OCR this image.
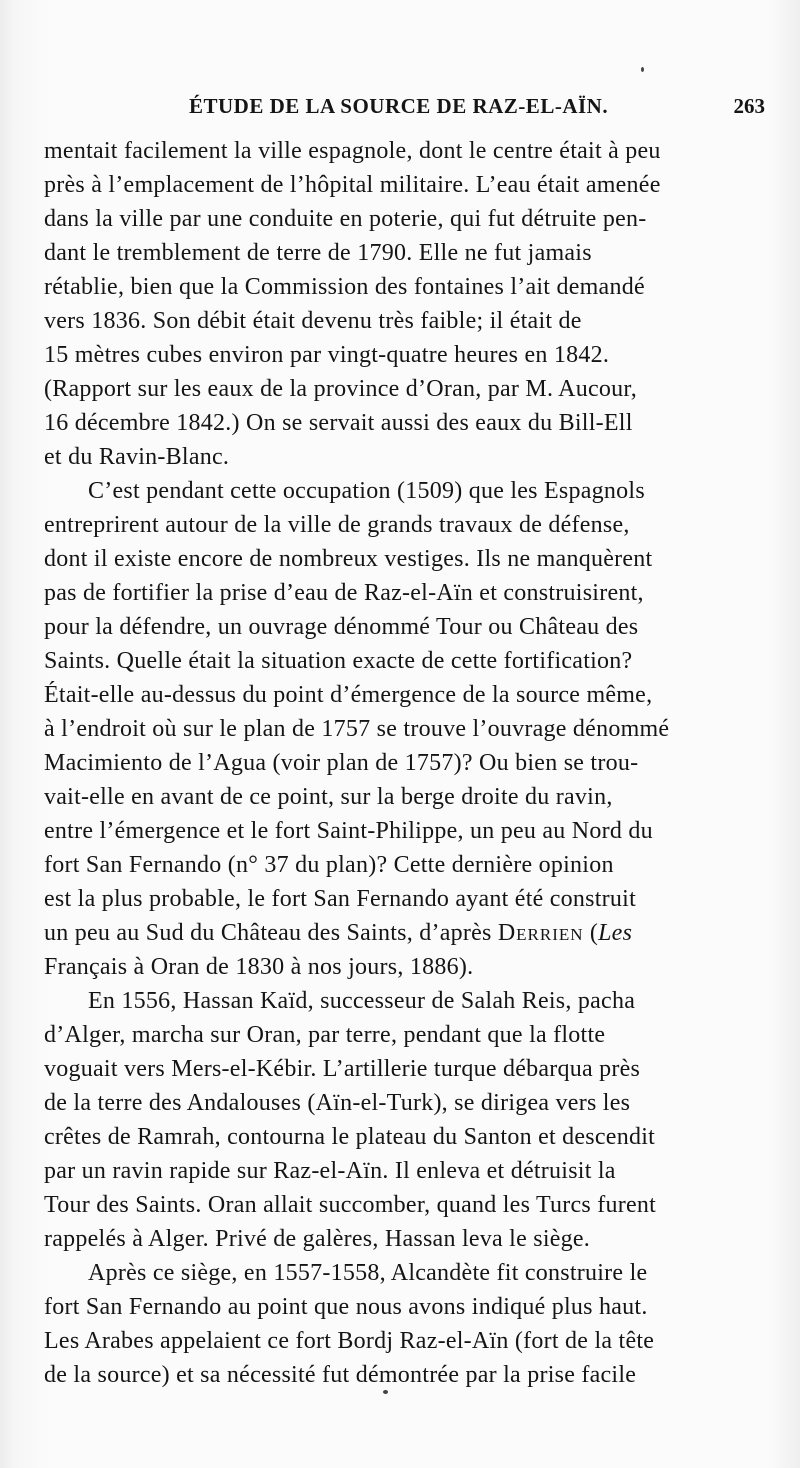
ÉTUDE DE LA SOURCE DE RAZ-EL-AÏN.	263
mentait facilement la ville espagnole, dont le centre était à peu
près à l’emplacement de l’hôpital militaire. L’eau était amenée
dans la ville par une conduite en poterie, qui fut détruite pen-
dant le tremblement de terre de 1790. Elle ne fut jamais
rétablie, bien que la Commission des fontaines l’ait demandé
vers 1836. Son débit était devenu très faible; il était de
15 mètres cubes environ par vingt-quatre heures en 1842.
(Rapport sur les eaux de la province d’Oran, par M. Aucour,
16 décembre 1842.) On se servait aussi des eaux du Bill-Ell
et du Ravin-Blanc.
C’est pendant cette occupation (1509) que les Espagnols
entreprirent autour de la ville de grands travaux de défense,
dont il existe encore de nombreux vestiges. Ils ne manquèrent
pas de fortifier la prise d’eau de Raz-el-Aïn et construisirent,
pour la défendre, un ouvrage dénommé Tour ou Château des
Saints. Quelle était la situation exacte de cette fortification?
Était-elle au-dessus du point d’émergence de la source même,
à l’endroit où sur le plan de 1757 se trouve l’ouvrage dénommé
Macimiento de l’Agua (voir plan de 1757)? Ou bien se trou-
vait-elle en avant de ce point, sur la berge droite du ravin,
entre l’émergence et le fort Saint-Philippe, un peu au Nord du
fort San Fernando (n° 37 du plan)? Cette dernière opinion
est la plus probable, le fort San Fernando ayant été construit
un peu au Sud du Château des Saints, d’après Derrien (Les
Français à Oran de 1830 à nos jours, 1886).
En 1556, Hassan Kaïd, successeur de Salah Reis, pacha
d’Alger, marcha sur Oran, par terre, pendant que la flotte
voguait vers Mers-el-Kébir. L’artillerie turque débarqua près
de la terre des Andalouses (Aïn-el-Turk), se dirigea vers les
crêtes de Ramrah, contourna le plateau du Santon et descendit
par un ravin rapide sur Raz-el-Aïn. Il enleva et détruisit la
Tour des Saints. Oran allait succomber, quand les Turcs furent
rappelés à Alger. Privé de galères, Hassan leva le siège.
Après ce siège, en 1557-1558, Alcandète fit construire le
fort San Fernando au point que nous avons indiqué plus haut.
Les Arabes appelaient ce fort Bordj Raz-el-Aïn (fort de la tête
de la source) et sa nécessité fut démontrée par la prise facile
